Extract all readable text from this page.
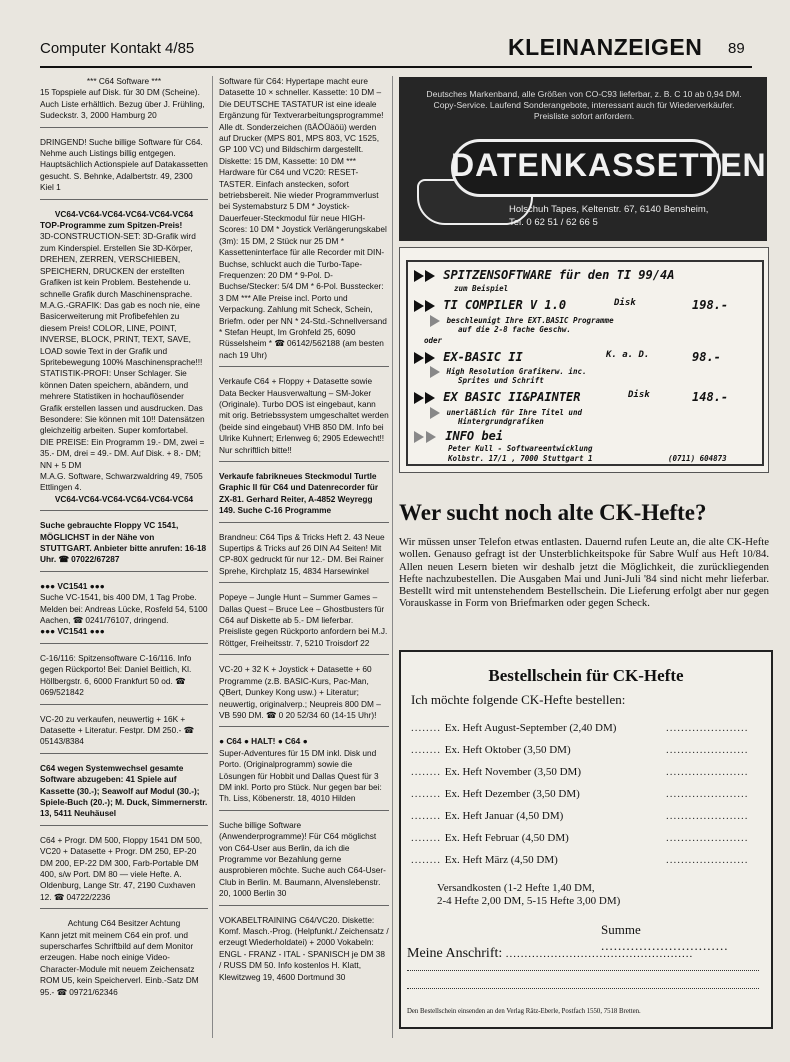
Computer Kontakt 4/85	KLEINANZEIGEN 89

*** C64 Software ***

15 Topspiele auf Disk. für 30 DM (Scheine). Auch Liste erhältlich. Bezug über J. Frühling, Sudeckstr. 3, 2000 Hamburg 20

DRINGEND! Suche billige Software für C64. Nehme auch Listings billig entgegen. Hauptsächlich Actionspiele auf Datakassetten gesucht. S. Behnke, Adalbertstr. 49, 2300 Kiel 1

VC64-VC64-VC64-VC64-VC64-VC64

TOP-Programme zum Spitzen-Preis!

3D-CONSTRUCTION-SET: 3D-Grafik wird zum Kinderspiel. Erstellen Sie 3D-Körper, DREHEN, ZERREN, VERSCHIEBEN, SPEICHERN, DRUCKEN der erstellten Grafiken ist kein Problem. Bestehende u. schnelle Grafik durch Maschinensprache.

M.A.G.-GRAFIK: Das gab es noch nie, eine Basicerweiterung mit Profibefehlen zu diesem Preis! COLOR, LINE, POINT, INVERSE, BLOCK, PRINT, TEXT, SAVE, LOAD sowie Text in der Grafik und Spritebewegung 100% Maschinensprache!!!

STATISTIK-PROFI: Unser Schlager. Sie können Daten speichern, abändern, und mehrere Statistiken in hochauflösender Grafik erstellen lassen und ausdrucken. Das Besondere: Sie können mit 10!! Datensätzen gleichzeitig arbeiten. Super komfortabel.

DIE PREISE: Ein Programm 19.- DM, zwei = 35.- DM, drei = 49.- DM. Auf Disk. + 8.- DM; NN + 5 DM

M.A.G. Software, Schwarzwaldring 49, 7505 Ettlingen 4.

VC64-VC64-VC64-VC64-VC64-VC64

Suche gebrauchte Floppy VC 1541, MÖGLICHST in der Nähe von STUTTGART. Anbieter bitte anrufen: 16-18 Uhr. ☎ 07022/67287

●●● VC1541 ●●●

Suche VC-1541, bis 400 DM, 1 Tag Probe. Melden bei: Andreas Lücke, Rosfeld 54, 5100 Aachen, ☎ 0241/76107, dringend.

●●● VC1541 ●●●

C-16/116: Spitzensoftware C-16/116. Info gegen Rückporto! Bei: Daniel Beitlich, Kl. Höllbergstr. 6, 6000 Frankfurt 50 od. ☎ 069/521842

VC-20 zu verkaufen, neuwertig + 16K + Datasette + Literatur. Festpr. DM 250.- ☎ 05143/8384

C64 wegen Systemwechsel gesamte Software abzugeben: 41 Spiele auf Kassette (30.-); Seawolf auf Modul (30.-); Spiele-Buch (20.-); M. Duck, Simmernerstr. 13, 5411 Neuhäusel

C64 + Progr. DM 500, Floppy 1541 DM 500, VC20 + Datasette + Progr. DM 250, EP-20 DM 200, EP-22 DM 300, Farb-Portable DM 400, s/w Port. DM 80 — viele Hefte. A. Oldenburg, Lange Str. 47, 2190 Cuxhaven 12. ☎ 04722/2236

Achtung C64 Besitzer Achtung

Kann jetzt mit meinem C64 ein prof. und superscharfes Schriftbild auf dem Monitor erzeugen. Habe noch einige Video-Character-Module mit neuem Zeichensatz ROM U5, kein Speicherverl. Einb.-Satz DM 95.- ☎ 09721/62346

Software für C64: Hypertape macht eure Datasette 10 × schneller. Kassette: 10 DM – Die DEUTSCHE TASTATUR ist eine ideale Ergänzung für Textverarbeitungsprogramme! Alle dt. Sonderzeichen (ßÄÖÜäöü) werden auf Drucker (MPS 801, MPS 803, VC 1525, GP 100 VC) und Bildschirm dargestellt. Diskette: 15 DM, Kassette: 10 DM *** Hardware für C64 und VC20: RESET-TASTER. Einfach anstecken, sofort betriebsbereit. Nie wieder Programmverlust bei Systemabsturz 5 DM * Joystick-Dauerfeuer-Steckmodul für neue HIGH-Scores: 10 DM * Joystick Verlängerungskabel (3m): 15 DM, 2 Stück nur 25 DM * Kassetteninterface für alle Recorder mit DIN-Buchse, schluckt auch die Turbo-Tape-Frequenzen: 20 DM * 9-Pol. D-Buchse/Stecker: 5/4 DM * 6-Pol. Busstecker: 3 DM *** Alle Preise incl. Porto und Verpackung. Zahlung mit Scheck, Schein, Briefm. oder per NN * 24-Std.-Schnellversand * Stefan Heupt, Im Grohfeld 25, 6090 Rüsselsheim * ☎ 06142/562188 (am besten nach 19 Uhr)

Verkaufe C64 + Floppy + Datasette sowie Data Becker Hausverwaltung – SM-Joker (Originale). Turbo DOS ist eingebaut, kann mit orig. Betriebssystem umgeschaltet werden (beide sind eingebaut) VHB 850 DM. Info bei Ulrike Kuhnert; Erlenweg 6; 2905 Edewecht!! Nur schriftlich bitte!!

Verkaufe fabrikneues Steckmodul Turtle Graphic II für C64 und Datenrecorder für ZX-81. Gerhard Reiter, A-4852 Weyregg 149. Suche C-16 Programme

Brandneu: C64 Tips & Tricks Heft 2. 43 Neue Supertips & Tricks auf 26 DIN A4 Seiten! Mit CP-80X gedruckt für nur 12.- DM. Bei Rainer Sprehe, Kirchplatz 15, 4834 Harsewinkel

Popeye – Jungle Hunt – Summer Games – Dallas Quest – Bruce Lee – Ghostbusters für C64 auf Diskette ab 5.- DM lieferbar. Preisliste gegen Rückporto anfordern bei M.J. Röttger, Freiheitsstr. 7, 5210 Troisdorf 22

VC-20 + 32 K + Joystick + Datasette + 60 Programme (z.B. BASIC-Kurs, Pac-Man, QBert, Dunkey Kong usw.) + Literatur; neuwertig, originalverp.; Neupreis 800 DM – VB 590 DM. ☎ 0 20 52/34 60 (14-15 Uhr)!

● C64 ● HALT! ● C64 ●

Super-Adventures für 15 DM inkl. Disk und Porto. (Originalprogramm) sowie die Lösungen für Hobbit und Dallas Quest für 3 DM inkl. Porto pro Stück. Nur gegen bar bei: Th. Liss, Köbenerstr. 18, 4010 Hilden

Suche billige Software (Anwenderprogramme)! Für C64 möglichst von C64-User aus Berlin, da ich die Programme vor Bezahlung gerne ausprobieren möchte. Suche auch C64-User-Club in Berlin. M. Baumann, Alvenslebenstr. 20, 1000 Berlin 30

VOKABELTRAINING C64/VC20. Diskette: Komf. Masch.-Prog. (Helpfunkt./ Zeichensatz / erzeugt Wiederholdatei) + 2000 Vokabeln: ENGL - FRANZ - ITAL - SPANISCH je DM 38 / RUSS DM 50. Info kostenlos H. Klatt, Klewitzweg 19, 4600 Dortmund 30

Deutsches Markenband, alle Größen von CO-C93 lieferbar, z. B. C 10 ab 0,94 DM. Copy-Service. Laufend Sonderangebote, interessant auch für Wiederverkäufer. Preisliste sofort anfordern.
DATENKASSETTEN
Holschuh Tapes, Keltenstr. 67, 6140 Bensheim,
Tel. 0 62 51 / 62 66 5
SPITZENSOFTWARE für den TI 99/4A
zum Beispiel
TI COMPILER V 1.0	Disk	198.-
beschleunigt Ihre EXT.BASIC Programme
auf die 2-8 fache Geschw.
oder
EX-BASIC II	K. a. D.	98.-
High Resolution Grafikerw. inc.
Sprites und Schrift
EX BASIC II&PAINTER	Disk	148.-
unerläßlich für Ihre Titel und
Hintergrundgrafiken
INFO bei
Peter Kull - Softwareentwicklung
Kolbstr. 17/1 , 7000 Stuttgart 1	(0711) 604873
Wer sucht noch alte CK-Hefte?
Wir müssen unser Telefon etwas entlasten. Dauernd rufen Leute an, die alte CK-Hefte wollen. Genauso gefragt ist der Unsterblichkeitspoke für Sabre Wulf aus Heft 10/84. Allen neuen Lesern bieten wir deshalb jetzt die Möglichkeit, die zurückliegenden Hefte nachzubestellen. Die Ausgaben Mai und Juni-Juli '84 sind nicht mehr lieferbar. Bestellt wird mit untenstehendem Bestellschein. Die Lieferung erfolgt aber nur gegen Vorauskasse in Form von Briefmarken oder gegen Scheck.
Bestellschein für CK-Hefte
Ich möchte folgende CK-Hefte bestellen:
........ Ex. Heft August-September (2,40 DM)	......................
........ Ex. Heft Oktober (3,50 DM)	......................
........ Ex. Heft November (3,50 DM)	......................
........ Ex. Heft Dezember (3,50 DM)	......................
........ Ex. Heft Januar (4,50 DM)	......................
........ Ex. Heft Februar (4,50 DM)	......................
........ Ex. Heft März (4,50 DM)	......................
Versandkosten (1-2 Hefte 1,40 DM,
2-4 Hefte 2,00 DM, 5-15 Hefte 3,00 DM)
Summe ..............................
Meine Anschrift: ..................................................
Den Bestellschein einsenden an den Verlag Rätz-Eberle, Postfach 1550, 7518 Bretten.
